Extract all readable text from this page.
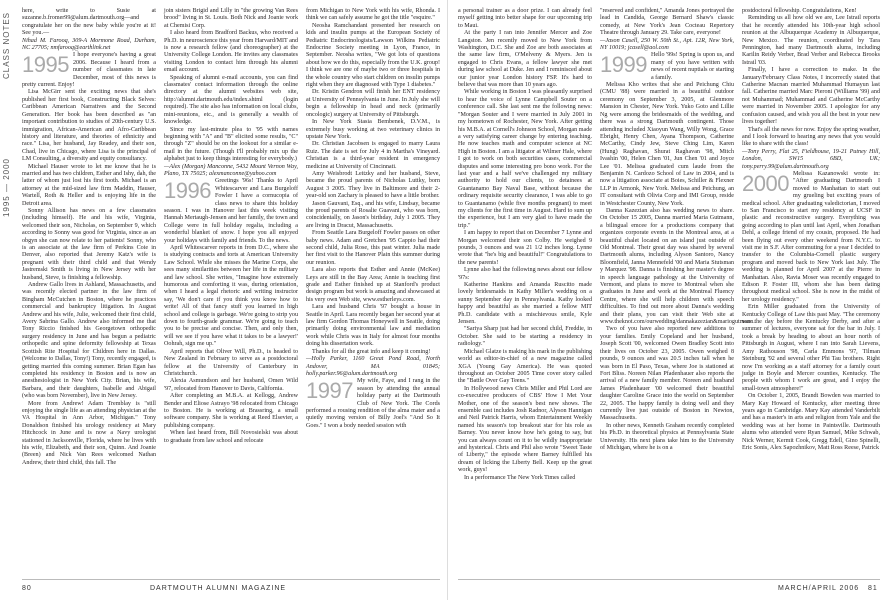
CLASS NOTES
1995 — 2000

here, write to Susie at suzanne.b.fromer99@alum.dartmouth.org—and congratulate her on the new baby while you're at it! See you.—

Nihad M. Farooq, 309-A Mormone Road, Durham, NC 27705; nmfarooq@earthlink.net
1995 I hope everyone's having a great 2006. Because I heard from a number of classmates in late December, most of this news is pretty current. Enjoy!

Lisa McGirr sent the exciting news that she's published her first book, Constructing Black Selves: Caribbean American Narratives and the Second Generation. Her book has been described as "an important contribution to studies of 20th-century U.S. immigration, African-American and Afro-Caribbean history and literature, and theories of ethnicity and race." Lisa, her husband, Jay Readey, and their son, Chad, live in Chicago, where Lisa is the principal of LM Consulting, a diversity and equity consultancy.

Michael Hauser wrote to let me know that he is married and has two children, Esther and Ishy, dah, the latter of whom just lost his first tooth. Michael is an attorney at the mid-sized law firm Maddin, Hauser, Wartell, Roth & Heller and is enjoying life in the Detroit area.

Sonny Allison has news on a few classmates (including himself). He and his wife, Virginia, welcomed their son, Nicholas, on September 9, which according to Sonny was good for Virginia, since as an obgyn she can now relate to her patients! Sonny, who is an associate at the law firm of Perkins Coie in Denver, also reported that Jeremy Katz's wife is pregnant with their third child and that Wendy Jastremski Smith is living in New Jersey with her husband, Steve, is finishing a fellowship.

Andrew Gallo lives in Ashland, Massachusetts, and was recently elected partner in the law firm of Bingham McCutchen in Boston, where he practices commercial and bankruptcy litigation. In August Andrew and his wife, Julie, welcomed their first child, Avery Sabrina Gallo. Andrew also informed me that Tony Riccio finished his Georgetown orthopedic surgery residency in June and has begun a pediatric orthopedic and spine deformity fellowship at Texas Scottish Rite Hospital for Children here in Dallas. (Welcome to Dallas, Tony!) Tony, recently engaged, is getting married this coming summer. Brian Egan has completed his residency in Boston and is now an anesthesiologist in New York City. Brian, his wife, Barbara, and their daughters, Isabelle and Abigail (who was born November), live in New Jersey.

More from Andrew! Adam Tremblay is "still enjoying the single life as an attending physician at the VA Hospital in Ann Arbor, Michigan." Tony Donaldson finished his urology residency at Mary Hitchcock in June and is now a Navy urologist stationed in Jacksonville, Florida, where he lives with his wife, Elizabeth, and their son, Quinn. And Joanie (Breen) and Nick Van Rees welcomed Nathan Andrew, their third child, this fall. The

join sisters Brigid and Lilly in "the growing Van Rees brood" living in St. Louis. Both Nick and Joanie work at Chemisi Corp.

I also heard from Bradford Backus, who received a Ph.D. in neuroscience this year from Harvard/MIT and is now a research fellow (and choreographer) at the University College London. He invites any classmates visiting London to contact him through his alumni email account.

Speaking of alumni e-mail accounts, you can find classmates' contact information through the online directory at the alumni websites web site, http://alumni.dartmouth.edu/index.shtml (login required). The site also has information on local clubs, mini-reunions, etc., and is generally a wealth of knowledge.

Since my last-minute plea to '95 with names beginning with "A" and "B" elicited some results, "C" through "Z" should be on the lookout for a similar e-mail in the future. (Though I'll probably mix up the alphabet just to keep things interesting for everybody.)

—Alex (Morgan) Manconne, 5432 Mount Vernon Way, Plano, TX 75025; alexmanconne@yahoo.com
1996 Greetings '96s! Thanks to April Whitescarver and Lara Burgeloff Fowler I have a cornucopia of class news to share this holiday season. I was in Hanover last this week visiting Hannah Mertaugh-Jensen and her family, the town and College were in full holiday regalia, including a wonderful blanket of snow. I hope you all enjoyed your holidays with family and friends. To the news.

April Whitescarver reports in from D.C., where she is studying contracts and torts at American University Law School. While she misses the Marine Corps, she sees many similarities between her life in the military and law school. She writes, "Imagine how extremely humorous and comforting it was, during orientation, when I heard a legal rhetoric and writing instructor say, 'We don't care if you think you know how to write! All of that fancy stuff you learned in high school and college is garbage. We're going to strip you down to fourth-grade grammar. We're going to teach you to be precise and concise. Then, and only then, will we see if you have what it takes to be a lawyer!' Oohrah, sign me up."

April reports that Oliver Will, Ph.D., is headed to New Zealand in February to serve as a postdoctoral fellow at the University of Canterbury in Christchurch.

Alexia Asmundson and her husband, Omen Wild '97, relocated from Hanover to Davis, California.

After completing an M.B.A. at Kellogg, Andrew Bender and Eliose Astrayo '98 relocated from Chicago to Boston. He is working at Brassring, a small software company. She is working at Reed Elsevier, a publishing company.

When last heard from, Bill Novosielski was about to graduate from law school and relocate

from Michigan to New York with his wife, Rhonda. I think we can safely assume he got the title "esquire."

Neosha Ramchandani presented her research on kids and insulin pumps at the European Society of Pediatric Endocrinologists/Lawson Wilkins Pediatric Endocrine Society meeting in Lyon, France, in September. Neosha writes, "We got lots of questions about how we do this, especially from the U.K. group! I think we are one of maybe two or three hospitals in the whole country who start children on insulin pumps right when they are diagnosed with Type 1 diabetes."

Dr. Kristin Gendron will finish her ENT residency at University of Pennsylvania in June. In July she will begin a fellowship in head and neck (primarily oncologic) surgery at University of Pittsburgh.

In New York Stasia Bembenek, D.V.M., is extremely busy working at two veterinary clinics in upstate New York.

Dr. Christian Jacobsen is engaged to marry Laura Ruiz. The date is set for July 4 in Martha's Vineyard. Christian is a third-year resident in emergency medicine at University of Cincinnati.

Amy Weisbrodt Leitzky and her husband, Steve, became the proud parents of Nicholas Luttky, born August 3 2005. They live in Baltimore and their 2-year-old son Zachary is pleased to have a little brother.

Jason Gauvani, Esq., and his wife, Lindsay, became the proud parents of Rosalie Guavani, who was born, coincidentally, on Jason's birthday, July 1 2005. They are living in Dracut, Massachusetts.

From Seattle Lara Burgeloff Fowler passes on other baby news. Adam and Gretchen '95 Cappio had their second child, Julia Rose, this past winter. Julia made her first visit to the Hanover Plain this summer during our reunion.

Lara also reports that Esther and Annie (McKee) Leys are still in the Bay Area; Annie is teaching first grade and Esther finished up at Stanford's product design program but work is amazing and showcased at his very own Web site, www.estherleys.com.

Lara and husband Chris '97 bought a house in Seattle in April. Lara recently began her second year at law firm Gordon Thomas Honeywell in Seattle, doing primarily doing environmental law and mediation work while Chris was in Italy for almost four months doing his dissertation work.

Thanks for all the great info and keep it coming!

—Holly Parker, 1160 Great Pond Road, North Andover, MA 01845; holly.parker.96@alum.dartmouth.org
1997 My wife, Faye, and I rang in the season by attending the annual holiday party at the Dartmouth Club of New York. The Cords performed a rousing rendition of the alma mater and a quietly moving version of Billy Joel's "And So It Goes." I won a body needed session with

80	DARTMOUTH ALUMNI MAGAZINE

a personal trainer as a door prize. I can already feel myself getting into better shape for our upcoming trip to Maui.

At the party I ran into Jennifer Mercer and Zoe Langston. Jen recently moved to New York from Washington, D.C. She and Zoe are both associates at the same law firm, O'Melveny & Myers. Jen is engaged to Chris Evans, a fellow lawyer she met during law school at Duke. Jen and I reminisced about our junior year London history FSP. It's hard to believe that was more than 10 years ago.

While working in Boston I was pleasantly surprised to hear the voice of Lynne Campbell Souter on a conference call. She last sent me the following news: "Morgan Souter and I were married in July 2001 in my hometown of Rochester, New York. After getting his M.B.A. at Cornell's Johnson School, Morgan made a very satisfying career change by entering teaching. He now teaches math and computer science at NC High in Boston. I am a litigator at Wilmer Hale, where I got to work on both securities cases, commercial disputes and some interesting pro bono work. For the last year and a half we've challenged my military authority to hold our clients, to detainees at Guantanamo Bay Naval Base, without because the ordinary requisite security clearance, I was able to go to Guantanamo (while five months pregnant) to meet my clients for the first time in August. Hard to sum up the experience, but I am very glad to have made the trip."

I am happy to report that on December 7 Lynne and Morgan welcomed their son Colby. He weighed 9 pounds, 3 ounces and was 21 1/2 inches long. Lynne wrote that "he's big and beautiful!" Congratulations to the new parents!

Lynne also had the following news about our fellow '97s:

Katherine Hankins and Amanda Ruscitto made lovely bridesmaids in Kathy Miller's wedding on a sunny September day in Pennsylvania. Kathy looked happy and beautiful as she married a fellow MIT Ph.D. candidate with a mischievous smile, Kyle Jensen.

"Sariya Sharp just had her second child, Freddie, in October. She said to be starting a residency in radiology."

Michael Glatze is making his mark in the publishing world as editor-in-chief of a new magazine called XGA (Young Gay America). He was quoted throughout an October 2005 Time cover story called the "Battle Over Gay Teens."

In Hollywood news Chris Miller and Phil Lord are co-executive producers of CBS' How I Met Your Mother, one of the season's best new shows. The ensemble cast includes Josh Radnor, Alyson Hannigan and Neil Patrick Harris, whom Entertainment Weekly named his season's top breakout star for his role as Barney. You never know how he's going to say, but you can always count on it to be wildly inappropriate and hysterical. Chris and Phil also wrote "Sweet Taste of Liberty," the episode where Barney fulfilled his dream of licking the Liberty Bell. Keep up the great work, guys!

In a performance The New York Times called

"reserved and confident," Amanda Jones portrayed the lead in Candida, George Bernard Shaw's classic comedy, at New York's Jean Cocteau Repertory Theatre through January 29. Take care, everyone!

—Jason Casell, 250 W. 50th St., Apt. 12R, New York, NY 10019; jcasell@aol.com
1999 Hello '99s! Spring is upon us, and many of you have written with news of recent nuptials or starting a family.

Melissa Kho writes that she and Peichung Chiu (CMU '88) were married in a beautiful outdoor ceremony on September 3, 2005, at Glenmore Mansion in Chester, New York. Yuko Goto and Lillie Ng were among the bridesmaids of the wedding, and there was a strong Dartmouth contingent. Those attending included Xiaoyun Wang, Willy Wong, Grace Ebright, Henry Chen, Ayana Thompson, Catherine McCarthy, Cindy Jew, Steve Ching Lim, Karen (Hung) Raghavan, Shurat Raghavan '98, Mitch Ivashin '00, Helen Chen '01, Jun Chen '01 and Joyce Lee '01. Melissa graduated cum laude from the Benjamin N. Cardozo School of Law in 2004, and is now a litigation associate at Boies, Schiller & Flexner LLP in Armonk, New York. Melissa and Peichung, an IT consultant with Olivia Corp and IMI Group, reside in Westchester County, New York.

Danna Kazezian also has wedding news to share. On October 15 2005, Danna married Maria Gutmann, a bilingual emcee for a productions company that organizes corporate events in the Montreal area, at a beautiful chalet located on an island just outside of Old Montreal. Their great day was shared by several Dartmouth alums, including Alyson Santoro, Nancy Bloomfield, Janna Mennefeld '00 and Maria Stutsman y Marquez '98. Danna is finishing her master's degree in speech language pathology at the University of Vermont, and plans to move to Montreal when she graduates in June and work at the Montreal Fluency Centre, where she will help children with speech difficulties. To find out more about Danna's wedding and their plans, you can visit their Web site at www.theknot.com/ourwedding/dannakazezian&mariogutmann.

Two of you have also reported new additions to your families. Emily Copeland and her husband, Joseph Scott '00, welcomed Owen Bradley Scott into their lives on October 23, 2005. Owen weighed 8 pounds, 9 ounces and was 20.5 inches tall when he was born in El Paso, Texas, where Joe is stationed at Fort Bliss. Noreen Nilan Pfadenhauer also reports the arrival of a new family member. Noreen and husband James Pfadenhauer '00 welcomed their beautiful daughter Caroline Grace into the world on September 22, 2005. The happy family is doing well and they currently live just outside of Boston in Newton, Massachusetts.

In other news, Kenneth Graham recently completed his Ph.D. in theoretical physics at Pennsylvania State University. His next plans take him to the University of Michigan, where he is on a

postdoctoral fellowship. Congratulations, Ken!

Reminding us all how old we are, Lee Istrail reports that he recently attended his 10th-year high school reunion at the Albuquerque Academy in Albuquerque, New Mexico. The reunion, coordinated by Tara Pennington, had many Dartmouth alums, including Karilin Reidy Verber, Brad Verber and Rebecca Brooks Istrail '03.

Finally, I have a correction to make. In the January/February Class Notes, I incorrectly stated that Catherine Macnan married Muhammad Humayun last fall. Catherine married Marc Pieroni (Williams '99) and not Muhammad; Muhammad and Catherine McCarthy were married in November 2005. I apologize for any confusion caused, and wish you all the best in your new lives together!

That's all the news for now. Enjoy the spring weather, and I look forward to hearing any news that you would like to share with the class!

—Tony Perry, Flat 25, Fieldhouse, 19-21 Putney Hill, London, SW15 6BD, UK; tony.perry.99@alum.dartmouth.org
2000 Melissa Kazanowski wrote in: "After graduating Dartmouth I moved to Manhattan to start out my grueling but exciting years of medical school. After graduating valedictorian, I moved to San Francisco to start my residency at UCSF in plastic and reconstructive surgery. Everything was going according to plan until last April, when Jonathan Dehl, a college friend of my cousin, proposed. He had been flying out every other weekend from N.Y.C. to visit me in S.F. After commuting for a year I decided to transfer to the Columbia-Cornell plastic surgery program and moved back to New York last July. The wedding is planned for April 2007 at the Pierre in Manhattan. Also, Ravia Moser was recently engaged to Edison P. Foster III, whom she has been dating throughout medical school. She is now in the midst of her urology residency."

Erin Miller graduated from the University of Kentucky College of Law this past May. "The ceremony was the day before the Kentucky Derby, and after a summer of lectures, everyone sat for the bar in July. I took a break by heading to about an hour north of Pittsburgh in August, where I ran into Sarah Lievens, Amy Rathouson '98, Carla Emmons '97, Tilman Steinburg '92 and several other Phi Tau brothers. Right now I'm working as a staff attorney for a family court judge in Boyle and Mercer counties, Kentucky. The people with whom I work are great, and I enjoy the small-town atmosphere!"

On October 1, 2005, Brandt Bowden was married to Mary Kay Howard of Kentucky, after meeting three years ago in Cambridge. Mary Kay attended Vanderbilt and has a master's in arts and religion from Yale and the wedding was at her home in Paintsville. Dartmouth alums who attended were Ryan Samuel, Mike Schwab, Nick Werner, Kermit Cook, Gregg Edell, Gino Spinelli, Eric Sonis, Alex Sapozhnikov, Matt Ross Reese, Patrick

MARCH/APRIL 2006 81
